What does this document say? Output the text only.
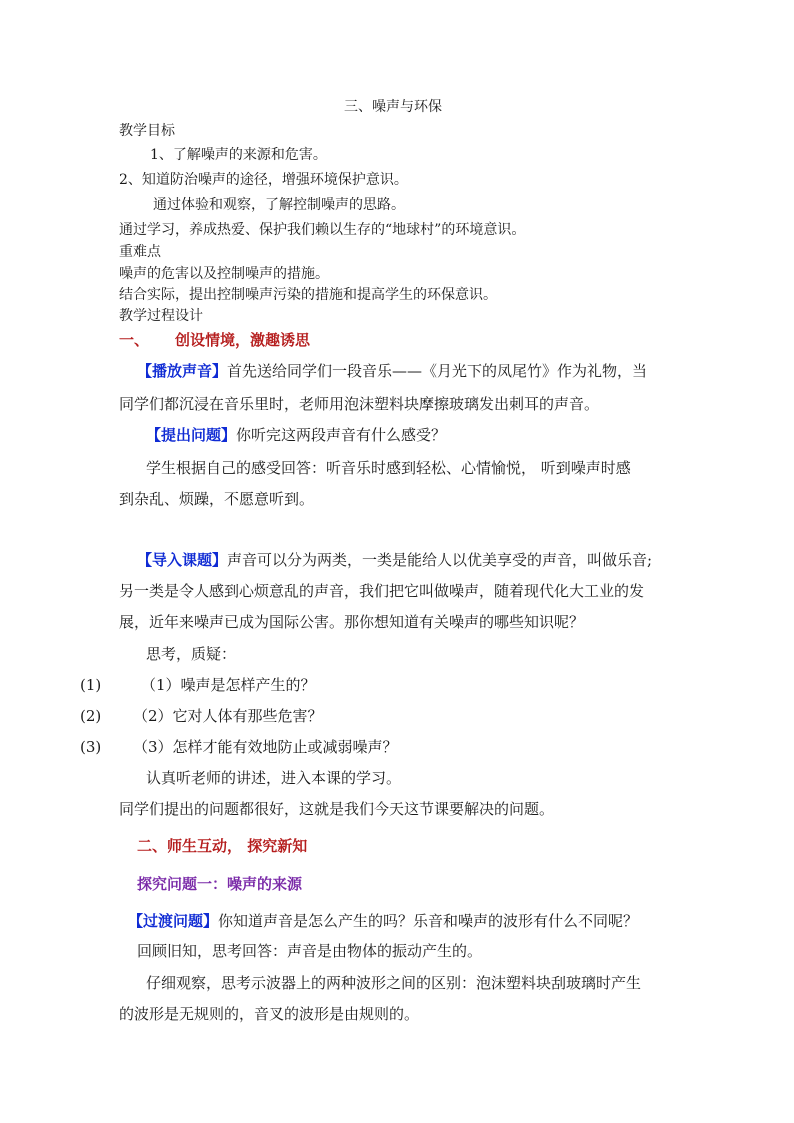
三、噪声与环保
教学目标
1、了解噪声的来源和危害。
2、知道防治噪声的途径，增强环境保护意识。
通过体验和观察，了解控制噪声的思路。
通过学习，养成热爱、保护我们赖以生存的“地球村”的环境意识。
重难点
噪声的危害以及控制噪声的措施。
结合实际，提出控制噪声污染的措施和提高学生的环保意识。
教学过程设计
一、 创设情境，激趣诱思
【播放声音】首先送给同学们一段音乐——《月光下的凤尾竹》作为礼物，当
同学们都沉浸在音乐里时，老师用泡沫塑料块摩擦玻璃发出刺耳的声音。
【提出问题】你听完这两段声音有什么感受？
学生根据自己的感受回答：听音乐时感到轻松、心情愉悦， 听到噪声时感
到杂乱、烦躁，不愿意听到。
【导入课题】声音可以分为两类，一类是能给人以优美享受的声音，叫做乐音;
另一类是令人感到心烦意乱的声音，我们把它叫做噪声，随着现代化大工业的发
展，近年来噪声已成为国际公害。那你想知道有关噪声的哪些知识呢？
思考，质疑：
(1)	（1）噪声是怎样产生的？
(2) （2）它对人体有那些危害？
(3) （3）怎样才能有效地防止或减弱噪声？
认真听老师的讲述，进入本课的学习。
同学们提出的问题都很好，这就是我们今天这节课要解决的问题。
二、师生互动， 探究新知
探究问题一：噪声的来源
【过渡问题】你知道声音是怎么产生的吗？乐音和噪声的波形有什么不同呢？
回顾旧知，思考回答：声音是由物体的振动产生的。
仔细观察，思考示波器上的两种波形之间的区别：泡沫塑料块刮玻璃时产生
的波形是无规则的，音叉的波形是由规则的。
